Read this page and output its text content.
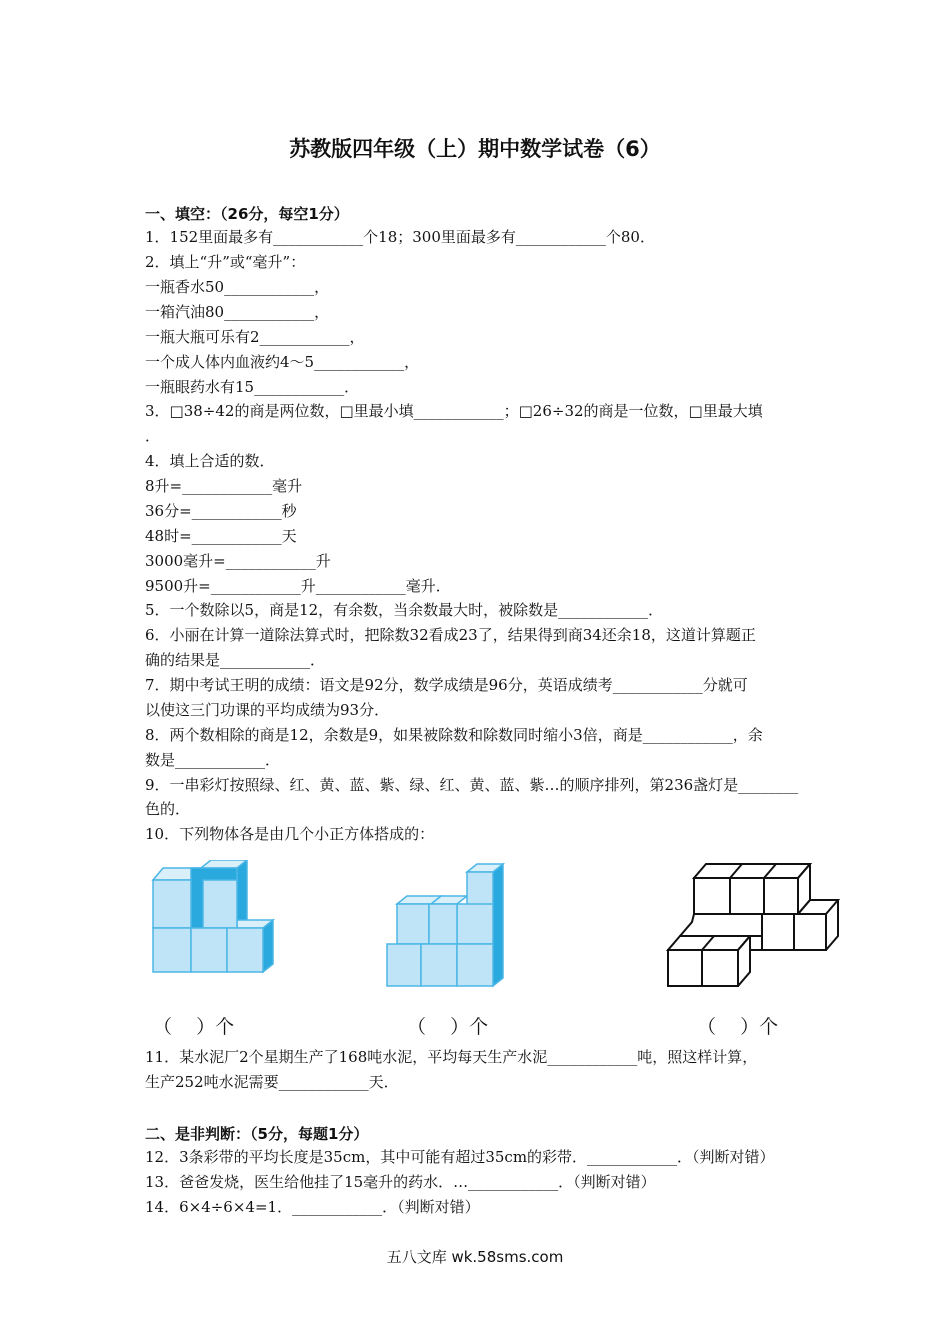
苏教版四年级（上）期中数学试卷（6）
一、填空：（26分，每空1分）
1．152里面最多有____________个18；300里面最多有____________个80．
2．填上“升”或“毫升”：
一瓶香水50____________，
一箱汽油80____________，
一瓶大瓶可乐有2____________，
一个成人体内血液约4～5____________，
一瓶眼药水有15____________．
3．□38÷42的商是两位数，□里最小填____________；□26÷32的商是一位数，□里最大填
．
4．填上合适的数．
8升=____________毫升
36分=____________秒
48时=____________天
3000毫升=____________升
9500升=____________升____________毫升．
5．一个数除以5，商是12，有余数，当余数最大时，被除数是____________．
6．小丽在计算一道除法算式时，把除数32看成23了，结果得到商34还余18，这道计算题正
确的结果是____________．
7．期中考试王明的成绩：语文是92分，数学成绩是96分，英语成绩考____________分就可
以使这三门功课的平均成绩为93分．
8．两个数相除的商是12，余数是9，如果被除数和除数同时缩小3倍，商是____________，余
数是____________．
9．一串彩灯按照绿、红、黄、蓝、紫、绿、红、黄、蓝、紫…的顺序排列，第236盏灯是________
色的．
10．下列物体各是由几个小正方体搭成的：
（    ）个	（    ）个	（    ）个
11．某水泥厂2个星期生产了168吨水泥，平均每天生产水泥____________吨，照这样计算，
生产252吨水泥需要____________天．
二、是非判断：（5分，每题1分）
12．3条彩带的平均长度是35cm，其中可能有超过35cm的彩带．____________．（判断对错）
13．爸爸发烧，医生给他挂了15毫升的药水．…____________．（判断对错）
14．6×4÷6×4=1．____________．（判断对错）
五八文库 wk.58sms.com
